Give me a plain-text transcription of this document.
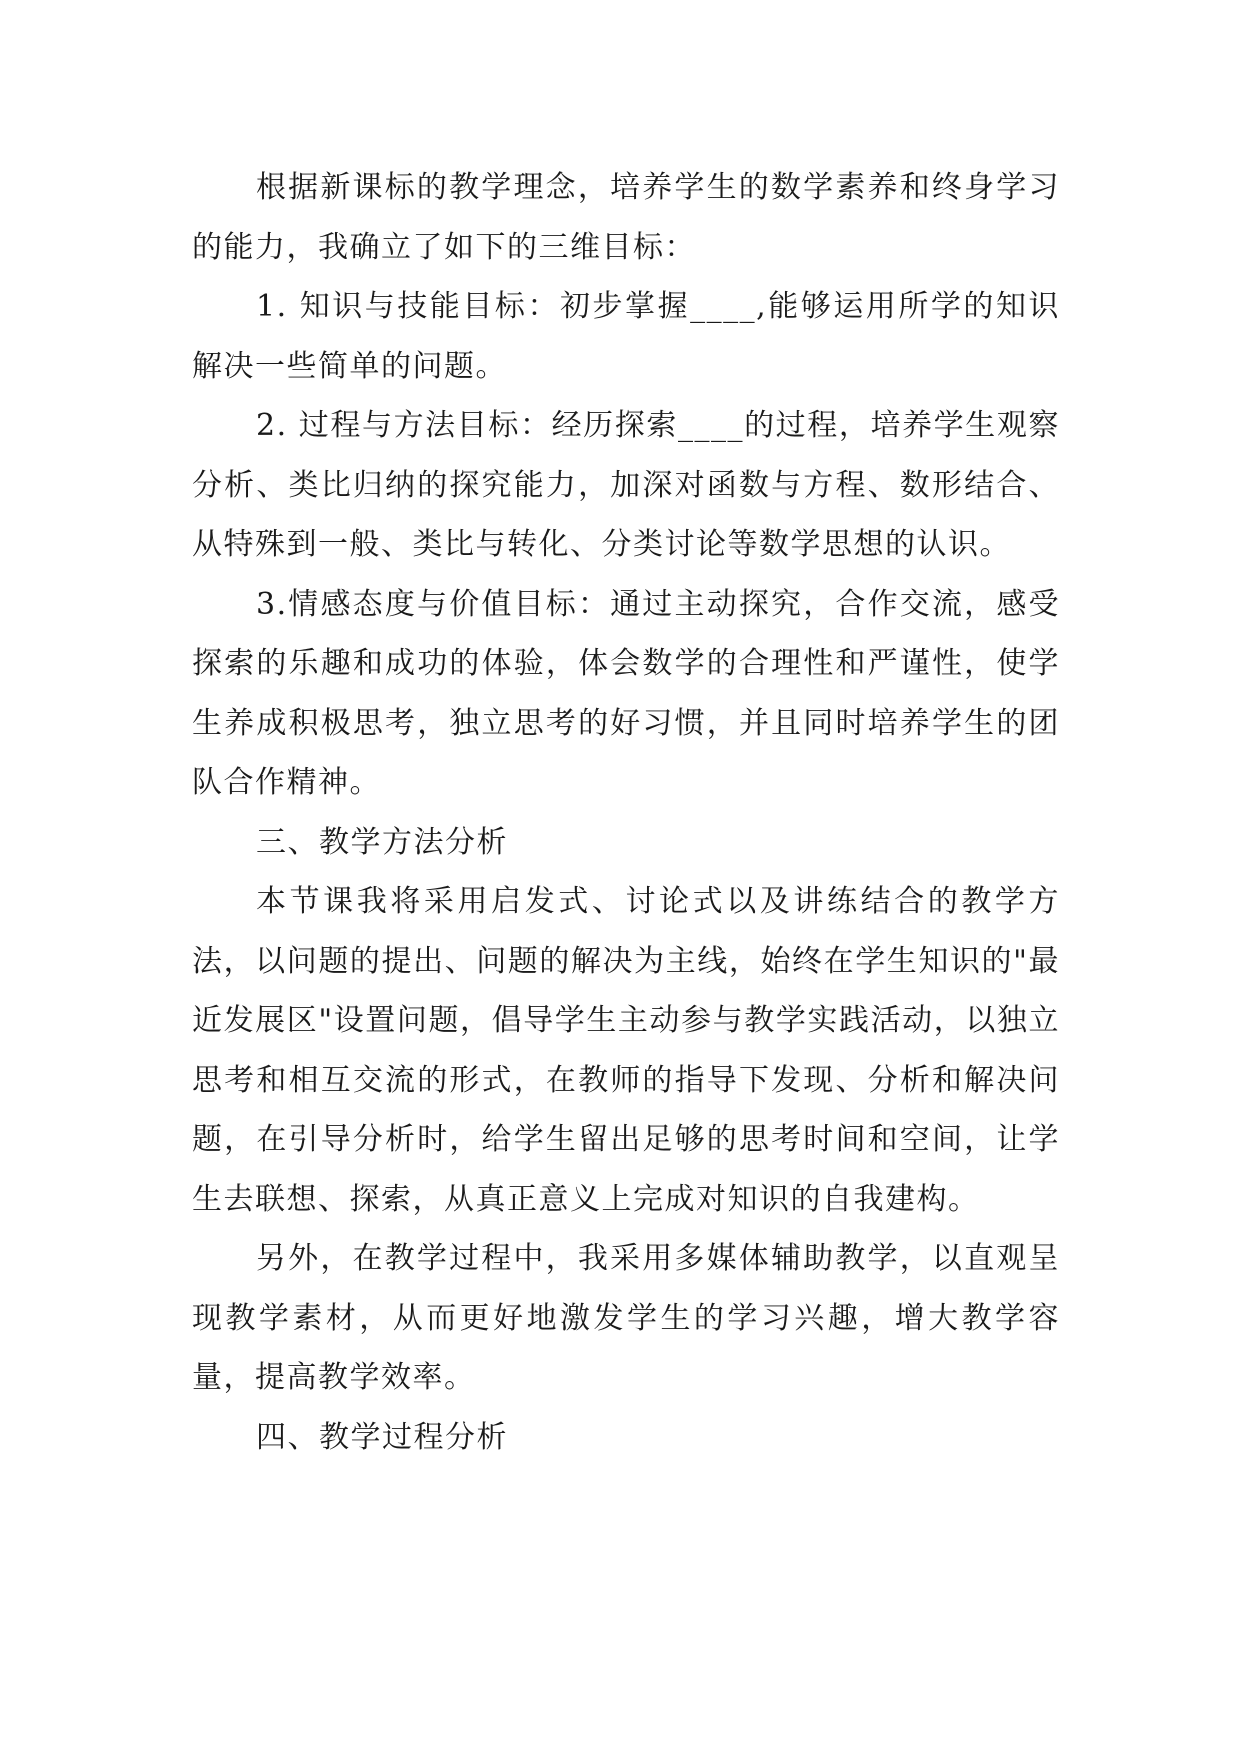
根据新课标的教学理念，培养学生的数学素养和终身学习的能力，我确立了如下的三维目标：

1. 知识与技能目标：初步掌握____,能够运用所学的知识解决一些简单的问题。

2. 过程与方法目标：经历探索____的过程，培养学生观察分析、类比归纳的探究能力，加深对函数与方程、数形结合、从特殊到一般、类比与转化、分类讨论等数学思想的认识。

3.情感态度与价值目标：通过主动探究，合作交流，感受探索的乐趣和成功的体验，体会数学的合理性和严谨性，使学生养成积极思考，独立思考的好习惯，并且同时培养学生的团队合作精神。

三、教学方法分析

本节课我将采用启发式、讨论式以及讲练结合的教学方法，以问题的提出、问题的解决为主线，始终在学生知识的"最近发展区"设置问题，倡导学生主动参与教学实践活动，以独立思考和相互交流的形式，在教师的指导下发现、分析和解决问题，在引导分析时，给学生留出足够的思考时间和空间，让学生去联想、探索，从真正意义上完成对知识的自我建构。

另外，在教学过程中，我采用多媒体辅助教学，以直观呈现教学素材，从而更好地激发学生的学习兴趣，增大教学容量，提高教学效率。

四、教学过程分析
